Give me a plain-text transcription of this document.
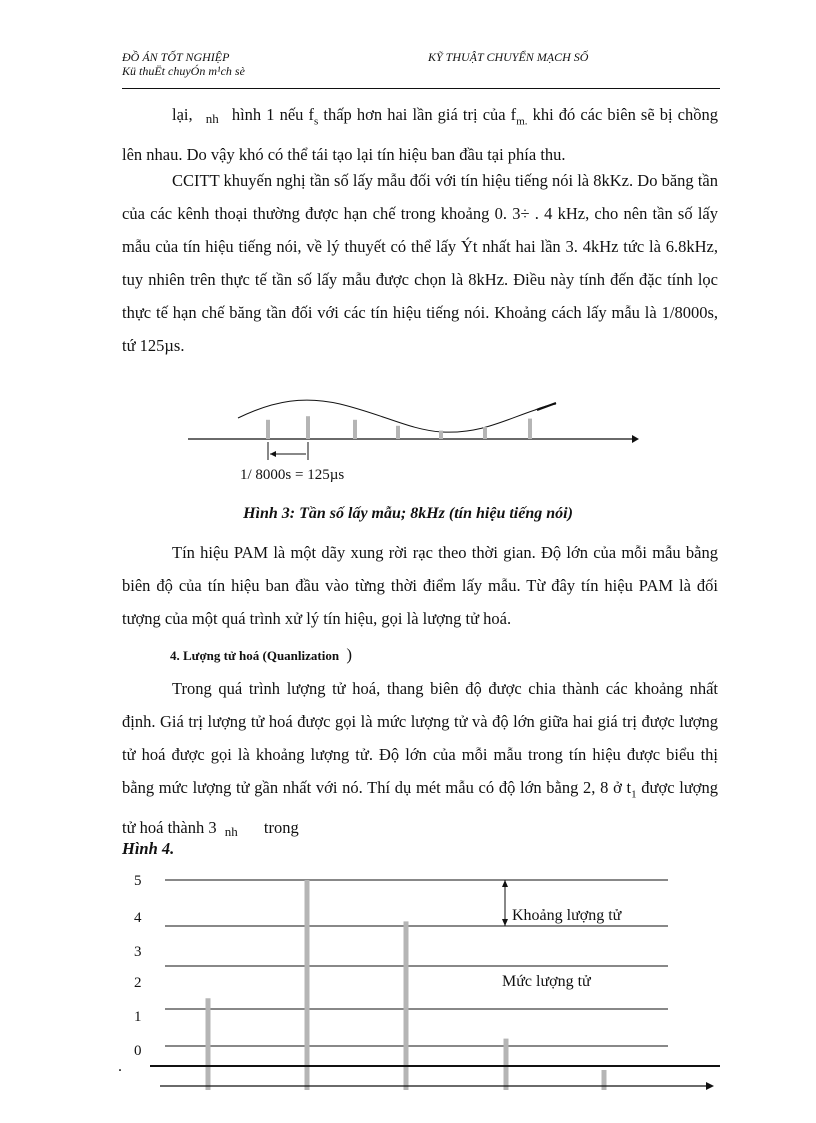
ĐỒ ÁN TỐT NGHIỆP
Kü thuËt chuyÓn m¹ch sè
KỸ THUẬT CHUYỂN MẠCH SỐ
lại, nh hình 1 nếu $f_s$ thấp hơn hai lần giá trị của $f_{m.}$ khi đó các biên sẽ bị chồng lên nhau. Do vậy khó có thể tái tạo lại tín hiệu ban đầu tại phía thu.
CCITT khuyến nghị tần số lấy mẫu đối với tín hiệu tiếng nói là 8kKz. Do băng tần của các kênh thoại thường được hạn chế trong khoảng 0. 3÷ . 4 kHz, cho nên tần số lấy mẫu của tín hiệu tiếng nói, về lý thuyết có thể lấy Ýt nhất hai lần 3. 4kHz tức là 6.8kHz, tuy nhiên trên thực tế tần số lấy mẫu được chọn là 8kHz. Điều này tính đến đặc tính lọc thực tế hạn chế băng tần đối với các tín hiệu tiếng nói. Khoảng cách lấy mẫu là 1/8000s, tứ 125µs.
1/ 8000s = 125µs
Hình 3: Tần số lấy mẫu; 8kHz (tín hiệu tiếng nói)
Tín hiệu PAM là một dãy xung rời rạc theo thời gian. Độ lớn của mỗi mẫu bằng biên độ của tín hiệu ban đầu vào từng thời điểm lấy mẫu. Từ đây tín hiệu PAM là đối tượng của một quá trình xử lý tín hiệu, gọi là lượng tử hoá.
4. Lượng tử hoá (Quanlization )
Trong quá trình lượng tử hoá, thang biên độ được chia thành các khoảng nhất định. Giá trị lượng tử hoá được gọi là mức lượng tử và độ lớn giữa hai giá trị được lượng tử hoá được gọi là khoảng lượng tử. Độ lớn của mỗi mẫu trong tín hiệu được biểu thị bằng mức lượng tử gần nhất với nó. Thí dụ mét mẫu có độ lớn bằng 2, 8 ở $t_1$ được lượng tử hoá thành 3 nh trong
Hình 4.
5
4
3
2
1
0
Khoảng lượng tử
Mức lượng tử
.
